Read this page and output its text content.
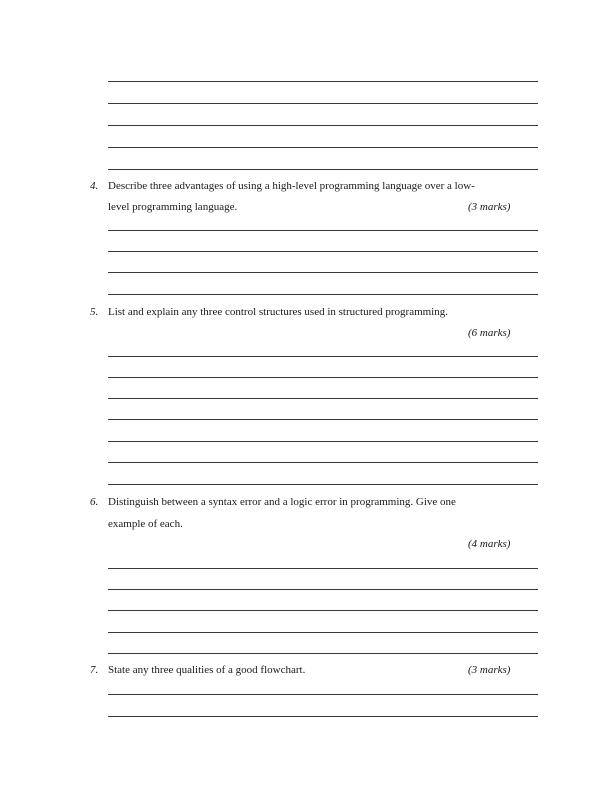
4. Describe three advantages of using a high-level programming language over a low-
level programming language.	(3 marks)
5. List and explain any three control structures used in structured programming.
(6 marks)
6. Distinguish between a syntax error and a logic error in programming. Give one
example of each.
(4 marks)
7. State any three qualities of a good flowchart.	(3 marks)
